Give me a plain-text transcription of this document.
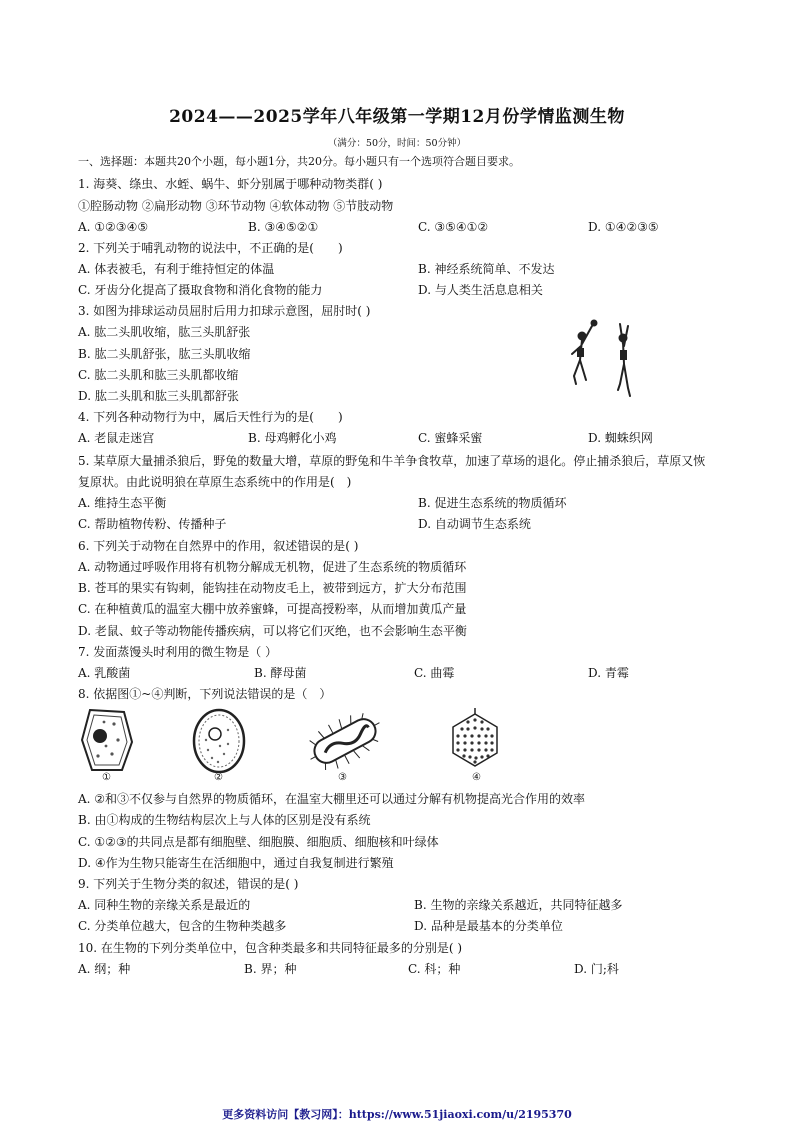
2024——2025学年八年级第一学期12月份学情监测生物
（满分：50分，时间：50分钟）
一、选择题：本题共20个小题，每小题1分，共20分。每小题只有一个选项符合题目要求。
1. 海葵、绦虫、水蛭、蜗牛、虾分别属于哪种动物类群( )
①腔肠动物 ②扁形动物 ③环节动物 ④软体动物 ⑤节肢动物
A. ①②③④⑤	B. ③④⑤②①	C. ③⑤④①②	D. ①④②③⑤
2. 下列关于哺乳动物的说法中，不正确的是(　　)
A. 体表被毛，有利于维持恒定的体温	B. 神经系统简单、不发达
C. 牙齿分化提高了摄取食物和消化食物的能力	D. 与人类生活息息相关
3. 如图为排球运动员屈肘后用力扣球示意图，屈肘时( )
A. 肱二头肌收缩，肱三头肌舒张
B. 肱二头肌舒张，肱三头肌收缩
C. 肱二头肌和肱三头肌都收缩
D. 肱二头肌和肱三头肌都舒张
4. 下列各种动物行为中，属后天性行为的是(　　)
A. 老鼠走迷宫	B. 母鸡孵化小鸡	C. 蜜蜂采蜜	D. 蜘蛛织网
5. 某草原大量捕杀狼后，野兔的数量大增，草原的野兔和牛羊争食牧草，加速了草场的退化。停止捕杀狼后，草原又恢复原状。由此说明狼在草原生态系统中的作用是(　)
A. 维持生态平衡	B. 促进生态系统的物质循环
C. 帮助植物传粉、传播种子	D. 自动调节生态系统
6. 下列关于动物在自然界中的作用，叙述错误的是( )
A. 动物通过呼吸作用将有机物分解成无机物，促进了生态系统的物质循环
B. 苍耳的果实有钩刺，能钩挂在动物皮毛上，被带到远方，扩大分布范围
C. 在种植黄瓜的温室大棚中放养蜜蜂，可提高授粉率，从而增加黄瓜产量
D. 老鼠、蚊子等动物能传播疾病，可以将它们灭绝，也不会影响生态平衡
7. 发面蒸馒头时利用的微生物是（ ）
A. 乳酸菌	B. 酵母菌	C. 曲霉	D. 青霉
8. 依据图①~④判断，下列说法错误的是（　）
①	②	③	④
A. ②和③不仅参与自然界的物质循环，在温室大棚里还可以通过分解有机物提高光合作用的效率
B. 由①构成的生物结构层次上与人体的区别是没有系统
C. ①②③的共同点是都有细胞壁、细胞膜、细胞质、细胞核和叶绿体
D. ④作为生物只能寄生在活细胞中，通过自我复制进行繁殖
9. 下列关于生物分类的叙述，错误的是( )
A. 同种生物的亲缘关系是最近的	B. 生物的亲缘关系越近，共同特征越多
C. 分类单位越大，包含的生物种类越多	D. 品种是最基本的分类单位
10. 在生物的下列分类单位中，包含种类最多和共同特征最多的分别是( )
A. 纲；种	B. 界；种	C. 科；种	D. 门;科
更多资料访问【教习网】：https://www.51jiaoxi.com/u/2195370
